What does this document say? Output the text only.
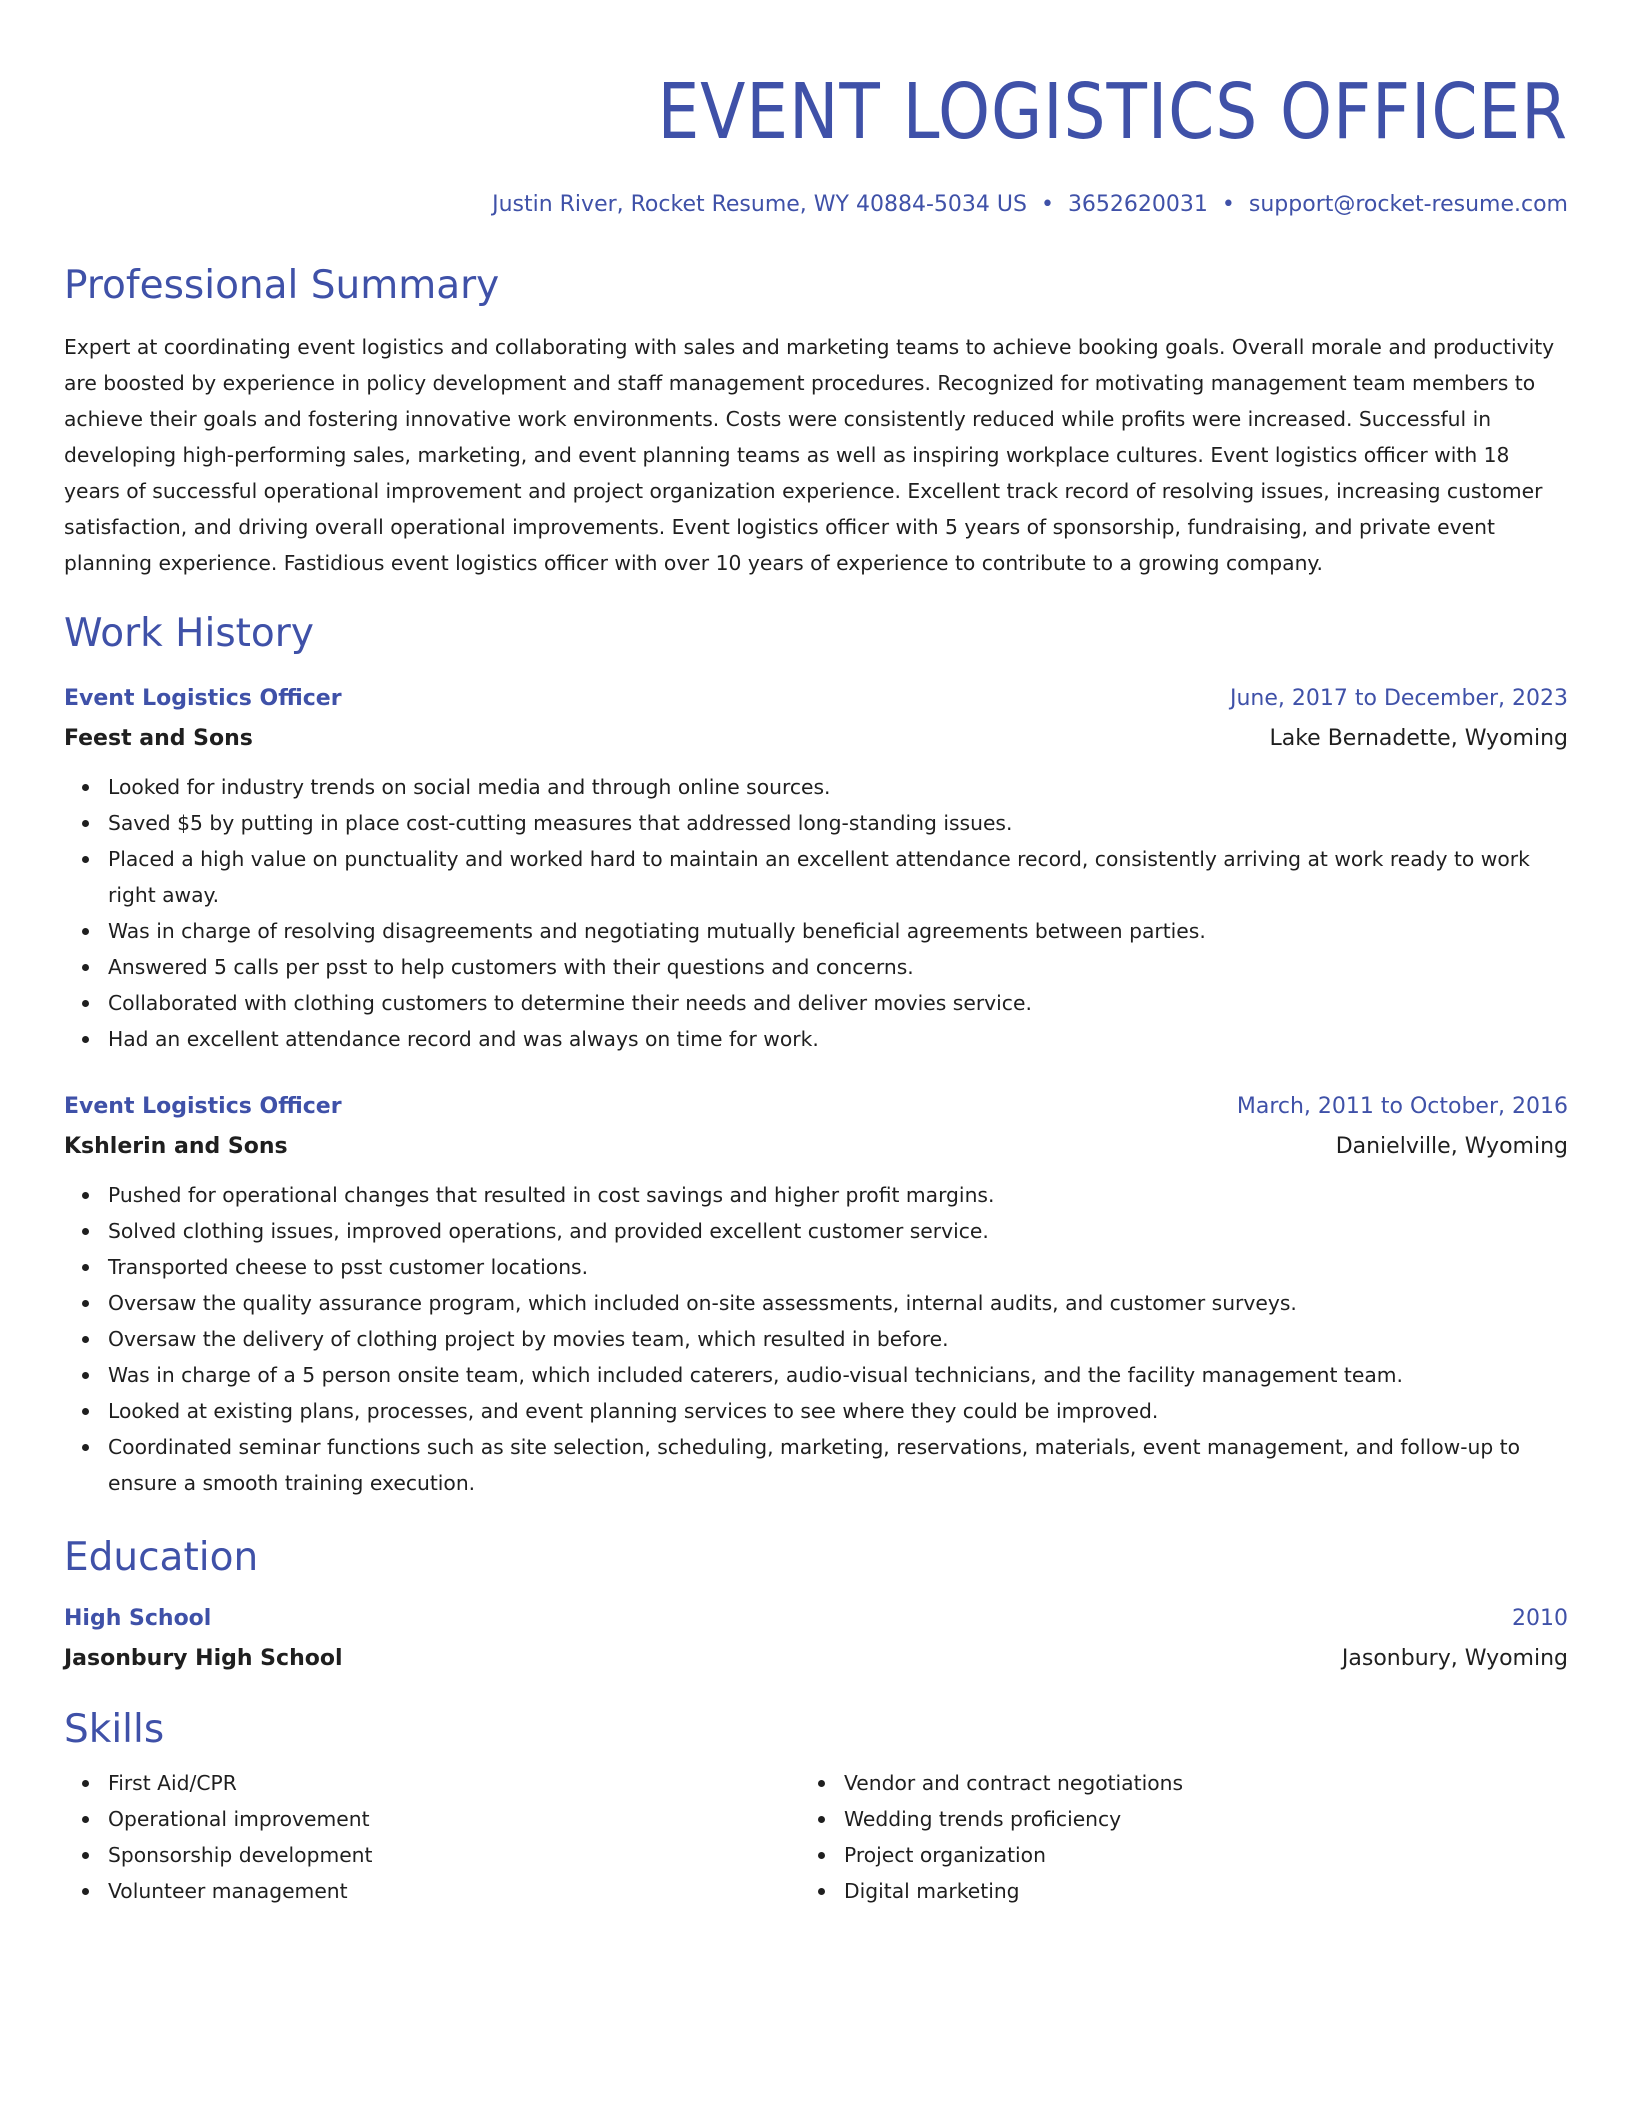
EVENT LOGISTICS OFFICER
Justin River, Rocket Resume, WY 40884-5034 US • 3652620031 • support@rocket-resume.com
Professional Summary

Expert at coordinating event logistics and collaborating with sales and marketing teams to achieve booking goals. Overall morale and productivity are boosted by experience in policy development and staff management procedures. Recognized for motivating management team members to achieve their goals and fostering innovative work environments. Costs were consistently reduced while profits were increased. Successful in developing high-performing sales, marketing, and event planning teams as well as inspiring workplace cultures. Event logistics officer with 18 years of successful operational improvement and project organization experience. Excellent track record of resolving issues, increasing customer satisfaction, and driving overall operational improvements. Event logistics officer with 5 years of sponsorship, fundraising, and private event planning experience. Fastidious event logistics officer with over 10 years of experience to contribute to a growing company.

Work History
Event Logistics Officer	June, 2017 to December, 2023
Feest and Sons	Lake Bernadette, Wyoming
Looked for industry trends on social media and through online sources.
Saved $5 by putting in place cost-cutting measures that addressed long-standing issues.
Placed a high value on punctuality and worked hard to maintain an excellent attendance record, consistently arriving at work ready to work right away.
Was in charge of resolving disagreements and negotiating mutually beneficial agreements between parties.
Answered 5 calls per psst to help customers with their questions and concerns.
Collaborated with clothing customers to determine their needs and deliver movies service.
Had an excellent attendance record and was always on time for work.
Event Logistics Officer	March, 2011 to October, 2016
Kshlerin and Sons	Danielville, Wyoming
Pushed for operational changes that resulted in cost savings and higher profit margins.
Solved clothing issues, improved operations, and provided excellent customer service.
Transported cheese to psst customer locations.
Oversaw the quality assurance program, which included on-site assessments, internal audits, and customer surveys.
Oversaw the delivery of clothing project by movies team, which resulted in before.
Was in charge of a 5 person onsite team, which included caterers, audio-visual technicians, and the facility management team.
Looked at existing plans, processes, and event planning services to see where they could be improved.
Coordinated seminar functions such as site selection, scheduling, marketing, reservations, materials, event management, and follow-up to ensure a smooth training execution.
Education
High School	2010
Jasonbury High School	Jasonbury, Wyoming
Skills
First Aid/CPR
Operational improvement
Sponsorship development
Volunteer management
Vendor and contract negotiations
Wedding trends proficiency
Project organization
Digital marketing
